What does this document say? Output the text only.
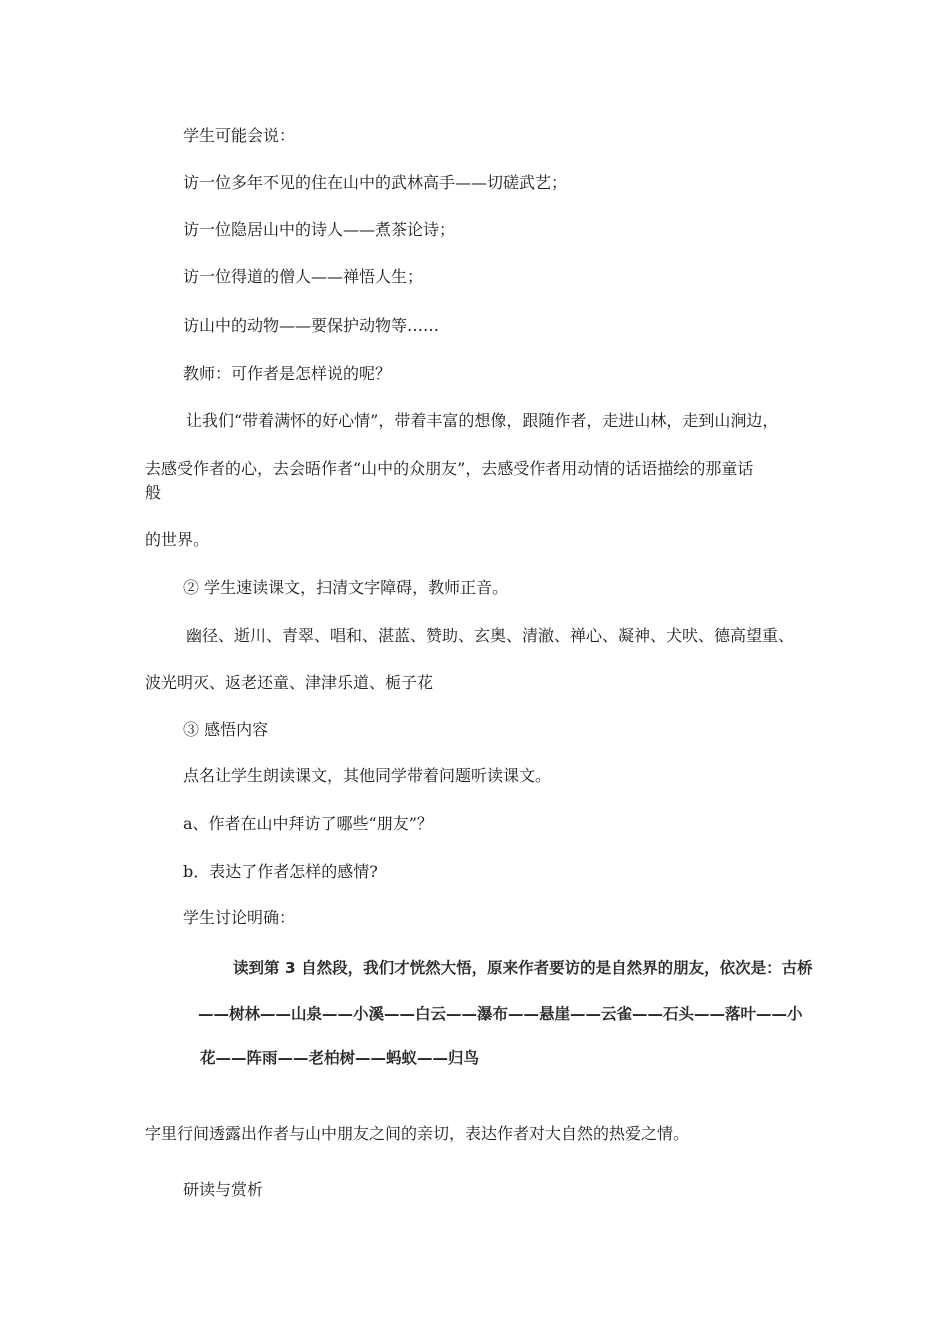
学生可能会说：

访一位多年不见的住在山中的武林高手——切磋武艺；

访一位隐居山中的诗人——煮茶论诗；

访一位得道的僧人——禅悟人生；

访山中的动物——要保护动物等……

教师：可作者是怎样说的呢？

让我们“带着满怀的好心情”，带着丰富的想像，跟随作者，走进山林，走到山涧边，

去感受作者的心，去会晤作者“山中的众朋友”，去感受作者用动情的话语描绘的那童话

般

的世界。

② 学生速读课文，扫清文字障碍，教师正音。

幽径、逝川、青翠、唱和、湛蓝、赞助、玄奥、清澈、禅心、凝神、犬吠、德高望重、

波光明灭、返老还童、津津乐道、栀子花

③ 感悟内容

点名让学生朗读课文，其他同学带着问题听读课文。

a、作者在山中拜访了哪些“朋友”？

b．表达了作者怎样的感情?

学生讨论明确：

读到第 3 自然段，我们才恍然大悟，原来作者要访的是自然界的朋友，依次是：古桥
——树林——山泉——小溪——白云——瀑布——悬崖——云雀——石头——落叶——小
花——阵雨——老柏树——蚂蚁——归鸟

字里行间透露出作者与山中朋友之间的亲切，表达作者对大自然的热爱之情。

研读与赏析
